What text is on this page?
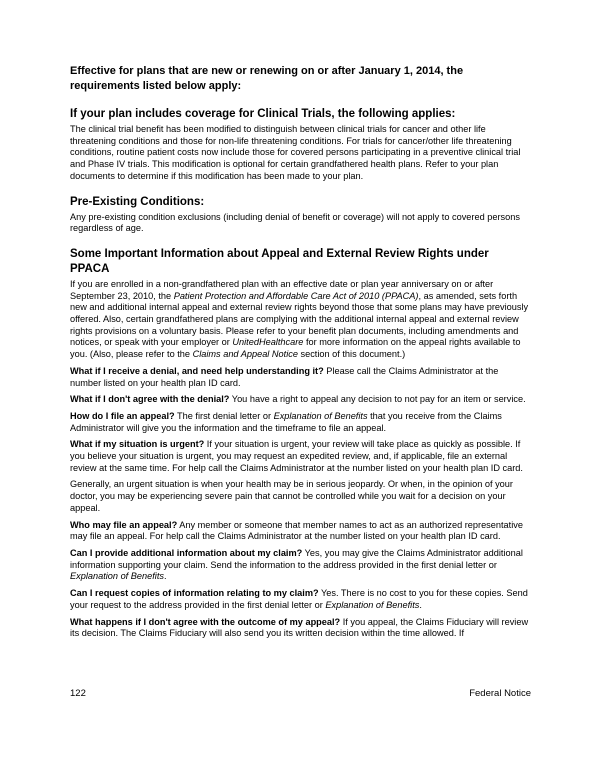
Effective for plans that are new or renewing on or after January 1, 2014, the requirements listed below apply:

If your plan includes coverage for Clinical Trials, the following applies:

The clinical trial benefit has been modified to distinguish between clinical trials for cancer and other life threatening conditions and those for non-life threatening conditions. For trials for cancer/other life threatening conditions, routine patient costs now include those for covered persons participating in a preventive clinical trial and Phase IV trials. This modification is optional for certain grandfathered health plans. Refer to your plan documents to determine if this modification has been made to your plan.

Pre-Existing Conditions:

Any pre-existing condition exclusions (including denial of benefit or coverage) will not apply to covered persons regardless of age.

Some Important Information about Appeal and External Review Rights under PPACA

If you are enrolled in a non-grandfathered plan with an effective date or plan year anniversary on or after September 23, 2010, the Patient Protection and Affordable Care Act of 2010 (PPACA), as amended, sets forth new and additional internal appeal and external review rights beyond those that some plans may have previously offered. Also, certain grandfathered plans are complying with the additional internal appeal and external review rights provisions on a voluntary basis. Please refer to your benefit plan documents, including amendments and notices, or speak with your employer or UnitedHealthcare for more information on the appeal rights available to you. (Also, please refer to the Claims and Appeal Notice section of this document.)

What if I receive a denial, and need help understanding it? Please call the Claims Administrator at the number listed on your health plan ID card.

What if I don't agree with the denial? You have a right to appeal any decision to not pay for an item or service.

How do I file an appeal? The first denial letter or Explanation of Benefits that you receive from the Claims Administrator will give you the information and the timeframe to file an appeal.

What if my situation is urgent? If your situation is urgent, your review will take place as quickly as possible. If you believe your situation is urgent, you may request an expedited review, and, if applicable, file an external review at the same time. For help call the Claims Administrator at the number listed on your health plan ID card.

Generally, an urgent situation is when your health may be in serious jeopardy. Or when, in the opinion of your doctor, you may be experiencing severe pain that cannot be controlled while you wait for a decision on your appeal.

Who may file an appeal? Any member or someone that member names to act as an authorized representative may file an appeal. For help call the Claims Administrator at the number listed on your health plan ID card.

Can I provide additional information about my claim? Yes, you may give the Claims Administrator additional information supporting your claim. Send the information to the address provided in the first denial letter or Explanation of Benefits.

Can I request copies of information relating to my claim? Yes. There is no cost to you for these copies. Send your request to the address provided in the first denial letter or Explanation of Benefits.

What happens if I don't agree with the outcome of my appeal? If you appeal, the Claims Fiduciary will review its decision. The Claims Fiduciary will also send you its written decision within the time allowed. If

122	Federal Notice
